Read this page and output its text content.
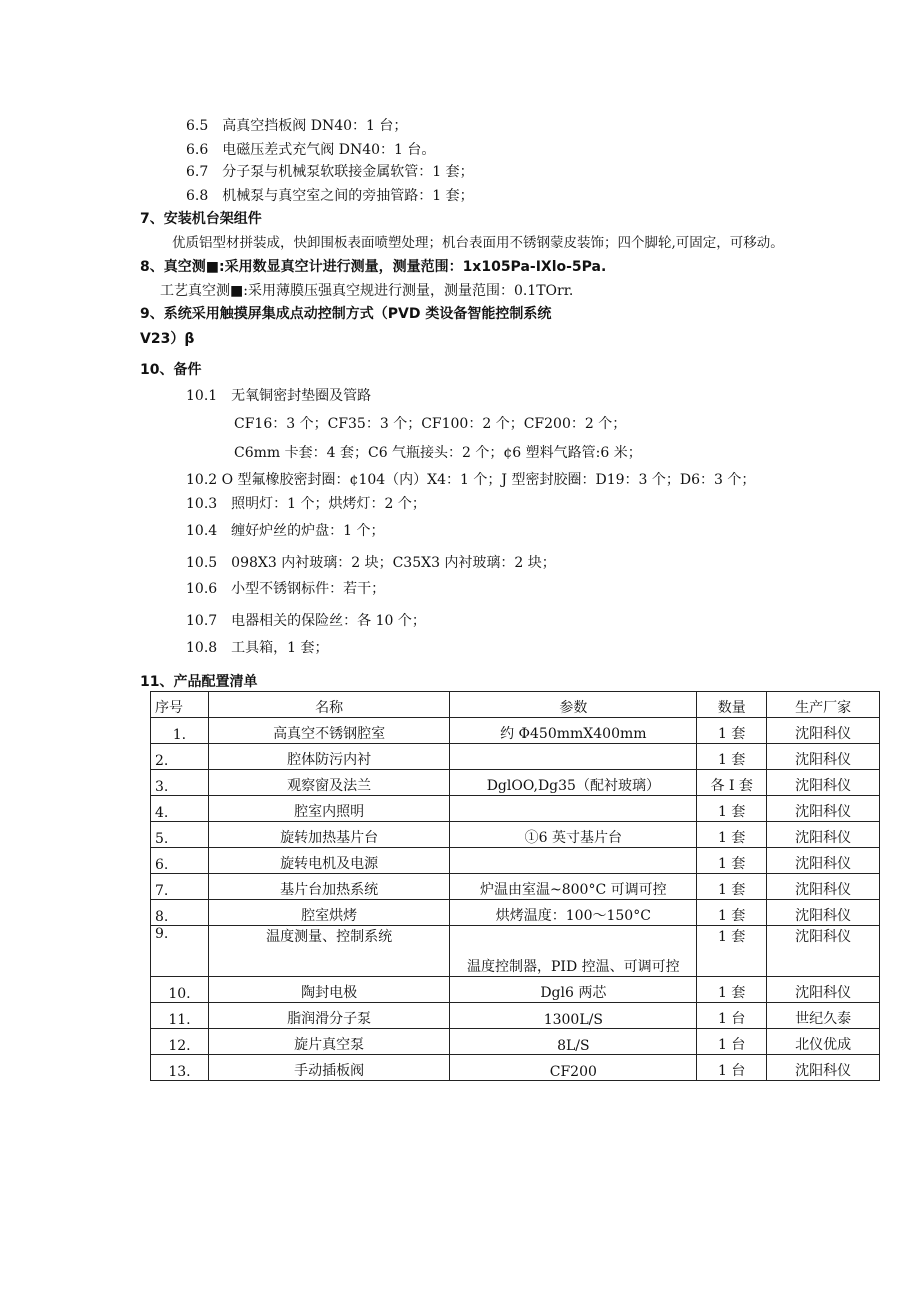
6.5　高真空挡板阀 DN40：1 台；
6.6　电磁压差式充气阀 DN40：1 台。
6.7　分子泵与机械泵软联接金属软管：1 套；
6.8　机械泵与真空室之间的旁抽管路：1 套；
7、安装机台架组件
优质铝型材拼装成，快卸围板表面喷塑处理；机台表面用不锈钢蒙皮装饰；四个脚轮,可固定，可移动。
8、真空测■:采用数显真空计进行测量，测量范围：1x105Pa-IXlo-5Pa.
工艺真空测■:采用薄膜压强真空规进行测量，测量范围：0.1TOrr.
9、系统采用触摸屏集成点动控制方式（PVD 类设备智能控制系统
V23）β
10、备件
10.1　无氧铜密封垫圈及管路
CF16：3 个；CF35：3 个；CF100：2 个；CF200：2 个；
C6mm 卡套：4 套；C6 气瓶接头：2 个；¢6 塑料气路管:6 米；
10.2 O 型氟橡胶密封圈：¢104（内）X4：1 个；J 型密封胶圈：D19：3 个；D6：3 个；
10.3　照明灯：1 个；烘烤灯：2 个；
10.4　缠好炉丝的炉盘：1 个；
10.5　098X3 内衬玻璃：2 块；C35X3 内衬玻璃：2 块；
10.6　小型不锈钢标件：若干；
10.7　电器相关的保险丝：各 10 个；
10.8　工具箱，1 套；
11、产品配置清单
序号	名称	参数	数量	生产厂家
1.	高真空不锈钢腔室	约 Φ450mmX400mm	1 套	沈阳科仪
2.	腔体防污内衬		1 套	沈阳科仪
3.	观察窗及法兰	DglOO,Dg35（配衬玻璃）	各 I 套	沈阳科仪
4.	腔室内照明		1 套	沈阳科仪
5.	旋转加热基片台	①6 英寸基片台	1 套	沈阳科仪
6.	旋转电机及电源		1 套	沈阳科仪
7.	基片台加热系统	炉温由室温~800°C 可调可控	1 套	沈阳科仪
8.	腔室烘烤	烘烤温度：100～150°C	1 套	沈阳科仪
9.	温度测量、控制系统	温度控制器，PID 控温、可调可控	1 套	沈阳科仪
10.	陶封电极	Dgl6 两芯	1 套	沈阳科仪
11.	脂润滑分子泵	1300L/S	1 台	世纪久泰
12.	旋片真空泵	8L/S	1 台	北仪优成
13.	手动插板阀	CF200	1 台	沈阳科仪
